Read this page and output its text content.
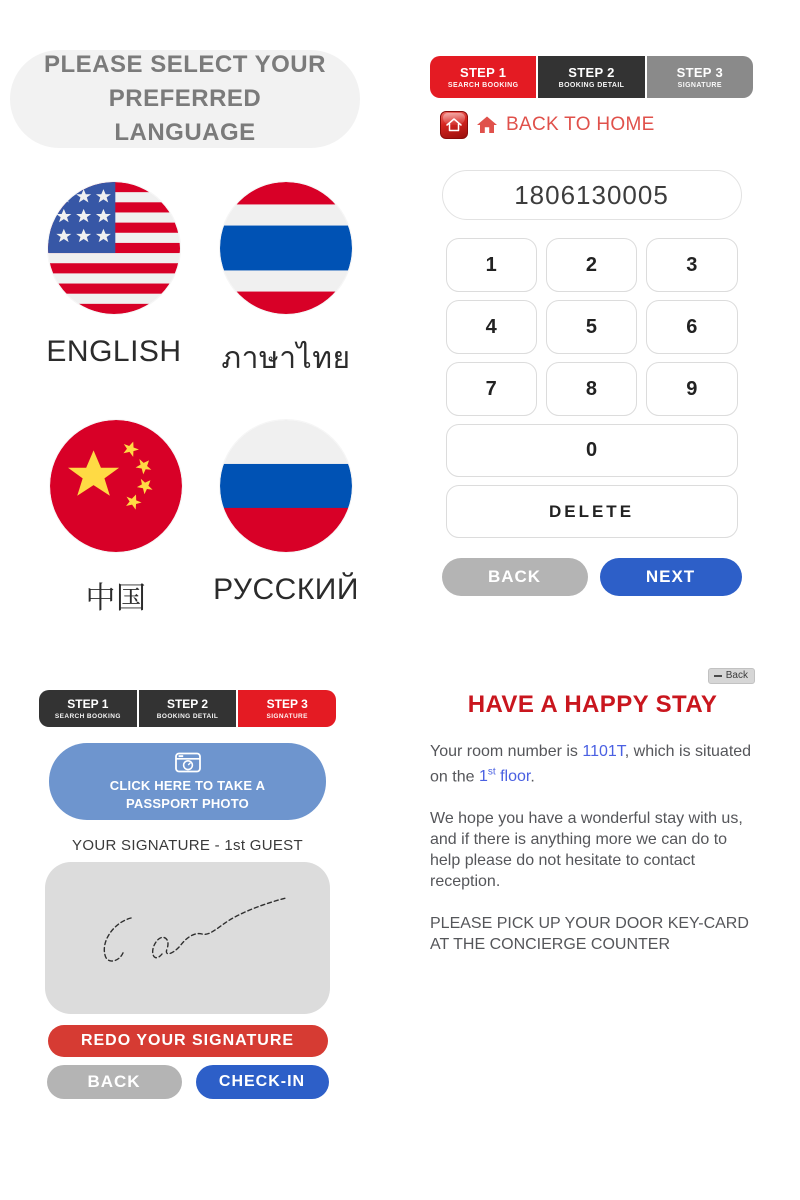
PLEASE SELECT YOUR PREFERRED LANGUAGE
ENGLISH ภาษาไทย
中国 РУССКИЙ
STEP 1
SEARCH BOOKING
STEP 2
BOOKING DETAIL
STEP 3
SIGNATURE
BACK TO HOME
1806130005
1	2	3
4	5	6
7	8	9
0
DELETE
BACK	NEXT
STEP 1
SEARCH BOOKING
STEP 2
BOOKING DETAIL
STEP 3
SIGNATURE
CLICK HERE TO TAKE A PASSPORT PHOTO
YOUR SIGNATURE - 1st GUEST
REDO YOUR SIGNATURE
BACK	CHECK-IN
Back
HAVE A HAPPY STAY

Your room number is 1101T, which is situated on the 1st floor.

We hope you have a wonderful stay with us, and if there is anything more we can do to help please do not hesitate to contact reception.

PLEASE PICK UP YOUR DOOR KEY-CARD AT THE CONCIERGE COUNTER
